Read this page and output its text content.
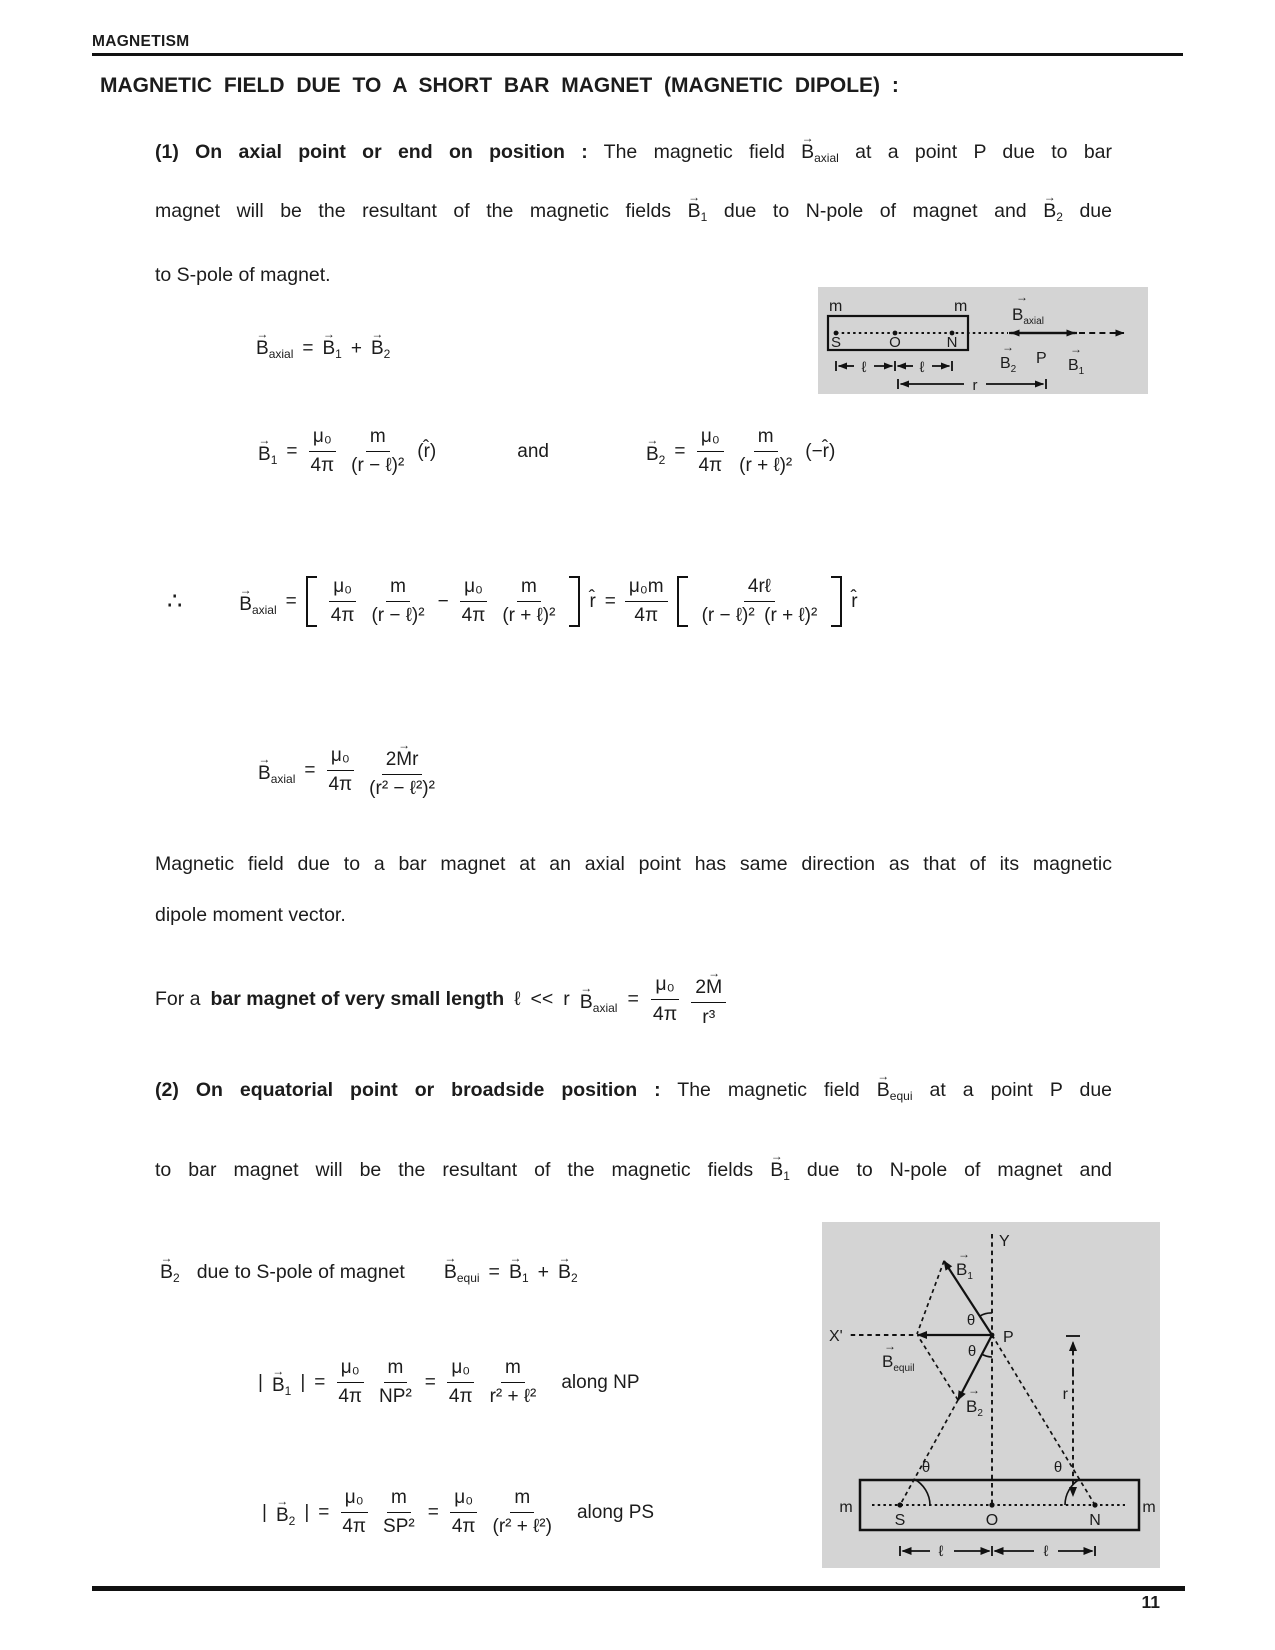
MAGNETISM
MAGNETIC FIELD DUE TO A SHORT BAR MAGNET (MAGNETIC DIPOLE) :
(1) On axial point or end on position : The magnetic field
→
B $_{axial}$ at a point P due to bar
magnet will be the resultant of the magnetic fields
→
B $_1$ due to N-pole of magnet and
→
B $_2$ due
to S-pole of magnet.
m	m
S	O	N
→
$B_{axial}$
→
$B_2$
P
→
$B_1$
ℓ	ℓ
r
→
B $_{axial}$ =
→
B $_1$ +
→
B $_2$
→
B $_1 = \frac{\text{μ₀}}{4\pi} \frac{m}{\text{(r − ℓ)²}}$ (r̂)	and
→
B $_2 = \frac{\text{μ₀}}{4\pi} \frac{m}{\text{(r + ℓ)²}}$ (−r̂)
∴	→
B $_{axial} = \frac{\text{μ₀}}{4\pi} \frac{m}{\text{(r − ℓ)²}} - \frac{\text{μ₀}}{4\pi} \frac{m}{\text{(r + ℓ)²}}$ r̂ = $\frac{\text{μ₀m}}{4\pi} \frac{\text{4rℓ}}{\text{(r − ℓ)² (r + ℓ)²}}$ r̂
→
B $_{axial} = \frac{\text{μ₀}}{4\pi} 2$
→
M r
(r² − ℓ²)²
Magnetic field due to a bar magnet at an axial point has same direction as that of its magnetic
dipole moment vector.
For a bar magnet of very small length ℓ << r →
B $_{axial} = \frac{\text{μ₀}}{4\pi} 2$
→
M
r³
(2) On equatorial point or broadside position : The magnetic field
→
B $_{equi}$ at a point P due
to bar magnet will be the resultant of the magnetic fields
→
B $_1$ due to N-pole of magnet and
→
B $_2$ due to S-pole of magnet
→
B $_{equi}$ =
→
B $_1$ +
→
B $_2$
|
→
B $_1$ | = $\frac{\text{μ₀}}{4\pi} \frac{m}{\text{NP²}} = \frac{\text{μ₀}}{4\pi} \frac{m}{\text{r² + ℓ²}}$ along NP
|
→
B $_2$ | = $\frac{\text{μ₀}}{4\pi} \frac{m}{\text{SP²}} = \frac{\text{μ₀}}{4\pi} \frac{m}{\text{(r² + ℓ²)}}$ along PS
Y
X'	P
→
$B_1$
→
$B_2$
→
$B_{equil}$
θ
θ
θ	θ
r
m	m
S	O	N
ℓ	ℓ
11
